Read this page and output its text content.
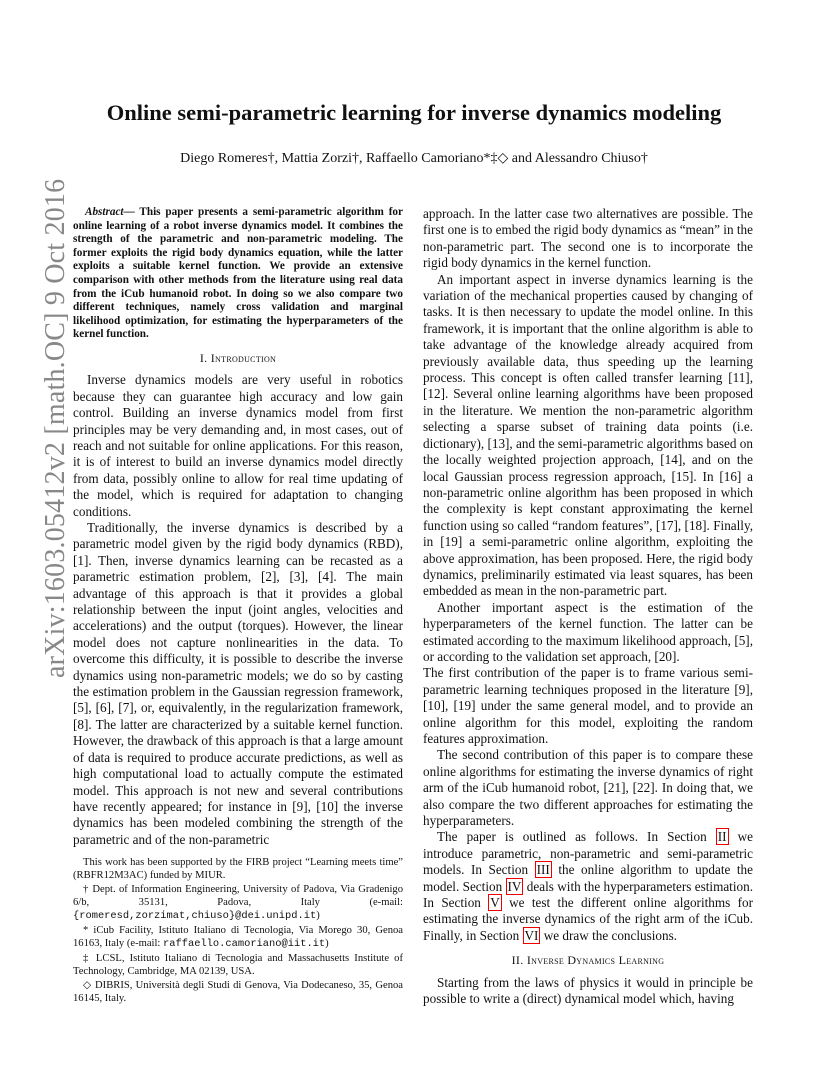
arXiv:1603.05412v2 [math.OC] 9 Oct 2016
Online semi-parametric learning for inverse dynamics modeling
Diego Romeres†, Mattia Zorzi†, Raffaello Camoriano*‡◇ and Alessandro Chiuso†

Abstract— This paper presents a semi-parametric algorithm for online learning of a robot inverse dynamics model. It combines the strength of the parametric and non-parametric modeling. The former exploits the rigid body dynamics equation, while the latter exploits a suitable kernel function. We provide an extensive comparison with other methods from the literature using real data from the iCub humanoid robot. In doing so we also compare two different techniques, namely cross validation and marginal likelihood optimization, for estimating the hyperparameters of the kernel function.

I. Introduction

Inverse dynamics models are very useful in robotics because they can guarantee high accuracy and low gain control. Building an inverse dynamics model from first principles may be very demanding and, in most cases, out of reach and not suitable for online applications. For this reason, it is of interest to build an inverse dynamics model directly from data, possibly online to allow for real time updating of the model, which is required for adaptation to changing conditions.

Traditionally, the inverse dynamics is described by a parametric model given by the rigid body dynamics (RBD), [1]. Then, inverse dynamics learning can be recasted as a parametric estimation problem, [2], [3], [4]. The main advantage of this approach is that it provides a global relationship between the input (joint angles, velocities and accelerations) and the output (torques). However, the linear model does not capture nonlinearities in the data. To overcome this difficulty, it is possible to describe the inverse dynamics using non-parametric models; we do so by casting the estimation problem in the Gaussian regression framework, [5], [6], [7], or, equivalently, in the regularization framework, [8]. The latter are characterized by a suitable kernel function. However, the drawback of this approach is that a large amount of data is required to produce accurate predictions, as well as high computational load to actually compute the estimated model. This approach is not new and several contributions have recently appeared; for instance in [9], [10] the inverse dynamics has been modeled combining the strength of the parametric and of the non-parametric

This work has been supported by the FIRB project “Learning meets time” (RBFR12M3AC) funded by MIUR.

† Dept. of Information Engineering, University of Padova, Via Gradenigo 6/b, 35131, Padova, Italy (e-mail: {romeresd,zorzimat,chiuso}@dei.unipd.it)

* iCub Facility, Istituto Italiano di Tecnologia, Via Morego 30, Genoa 16163, Italy (e-mail: raffaello.camoriano@iit.it)

‡ LCSL, Istituto Italiano di Tecnologia and Massachusetts Institute of Technology, Cambridge, MA 02139, USA.

◇ DIBRIS, Università degli Studi di Genova, Via Dodecaneso, 35, Genoa 16145, Italy.

approach. In the latter case two alternatives are possible. The first one is to embed the rigid body dynamics as “mean” in the non-parametric part. The second one is to incorporate the rigid body dynamics in the kernel function.

An important aspect in inverse dynamics learning is the variation of the mechanical properties caused by changing of tasks. It is then necessary to update the model online. In this framework, it is important that the online algorithm is able to take advantage of the knowledge already acquired from previously available data, thus speeding up the learning process. This concept is often called transfer learning [11], [12]. Several online learning algorithms have been proposed in the literature. We mention the non-parametric algorithm selecting a sparse subset of training data points (i.e. dictionary), [13], and the semi-parametric algorithms based on the locally weighted projection approach, [14], and on the local Gaussian process regression approach, [15]. In [16] a non-parametric online algorithm has been proposed in which the complexity is kept constant approximating the kernel function using so called “random features”, [17], [18]. Finally, in [19] a semi-parametric online algorithm, exploiting the above approximation, has been proposed. Here, the rigid body dynamics, preliminarily estimated via least squares, has been embedded as mean in the non-parametric part.

Another important aspect is the estimation of the hyperparameters of the kernel function. The latter can be estimated according to the maximum likelihood approach, [5], or according to the validation set approach, [20].

The first contribution of the paper is to frame various semi-parametric learning techniques proposed in the literature [9], [10], [19] under the same general model, and to provide an online algorithm for this model, exploiting the random features approximation.

The second contribution of this paper is to compare these online algorithms for estimating the inverse dynamics of right arm of the iCub humanoid robot, [21], [22]. In doing that, we also compare the two different approaches for estimating the hyperparameters.

The paper is outlined as follows. In Section II we introduce parametric, non-parametric and semi-parametric models. In Section III the online algorithm to update the model. Section IV deals with the hyperparameters estimation. In Section V we test the different online algorithms for estimating the inverse dynamics of the right arm of the iCub. Finally, in Section VI we draw the conclusions.

II. Inverse Dynamics Learning

Starting from the laws of physics it would in principle be possible to write a (direct) dynamical model which, having
